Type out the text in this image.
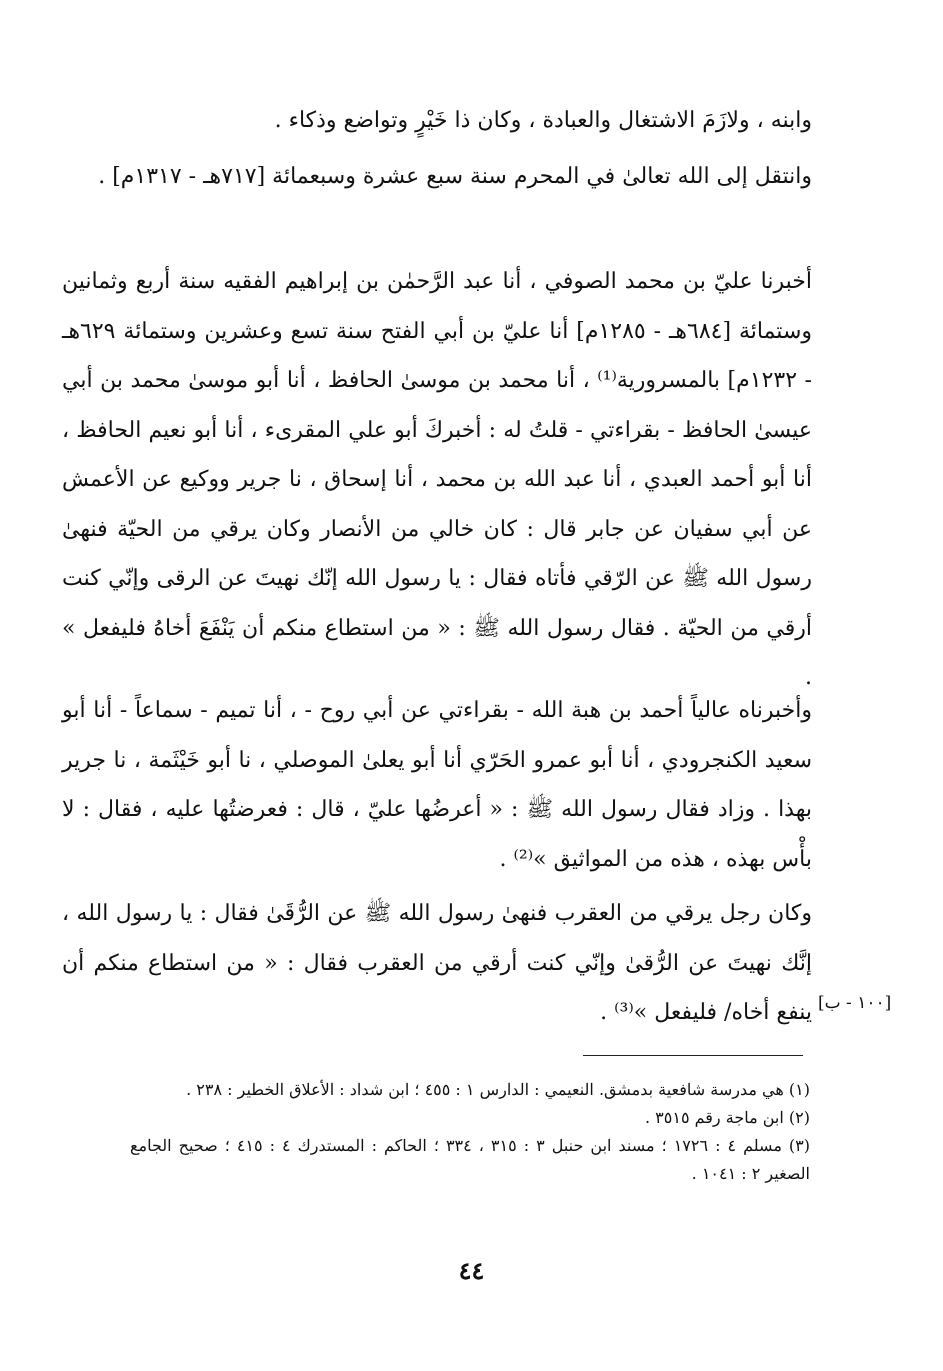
وابنه ، ولازَمَ الاشتغال والعبادة ، وكان ذا خَيْرٍ وتواضع وذكاء .

وانتقل إلى الله تعالىٰ في المحرم سنة سبع عشرة وسبعمائة [٧١٧هـ - ١٣١٧م] .

أخبرنا عليّ بن محمد الصوفي ، أنا عبد الرَّحمٰن بن إبراهيم الفقيه سنة أربع وثمانين وستمائة [٦٨٤هـ - ١٢٨٥م] أنا عليّ بن أبي الفتح سنة تسع وعشرين وستمائة ٦٢٩هـ - ١٢٣٢م] بالمسرورية⁽¹⁾ ، أنا محمد بن موسىٰ الحافظ ، أنا أبو موسىٰ محمد بن أبي عيسىٰ الحافظ - بقراءتي - قلتُ له : أخبركَ أبو علي المقرىء ، أنا أبو نعيم الحافظ ، أنا أبو أحمد العبدي ، أنا عبد الله بن محمد ، أنا إسحاق ، نا جرير ووكيع عن الأعمش عن أبي سفيان عن جابر قال : كان خالي من الأنصار وكان يرقي من الحيّة فنهىٰ رسول الله ﷺ عن الرّقي فأتاه فقال : يا رسول الله إنّك نهيتَ عن الرقى وإنّي كنت أرقي من الحيّة . فقال رسول الله ﷺ : « من استطاع منكم أن يَنْفَعَ أخاهُ فليفعل » .

وأخبرناه عالياً أحمد بن هبة الله - بقراءتي عن أبي روح - ، أنا تميم - سماعاً - أنا أبو سعيد الكنجرودي ، أنا أبو عمرو الحَرّي أنا أبو يعلىٰ الموصلي ، نا أبو خَيْثَمة ، نا جرير بهذا . وزاد فقال رسول الله ﷺ : « أعرضُها عليّ ، قال : فعرضتُها عليه ، فقال : لا بأْس بهذه ، هذه من المواثيق »⁽²⁾ .

وكان رجل يرقي من العقرب فنهىٰ رسول الله ﷺ عن الرُّقَىٰ فقال : يا رسول الله ، إنَّك نهيتَ عن الرُّقىٰ وإنّي كنت أرقي من العقرب فقال : « من استطاع منكم أن ينفع أخاه/ فليفعل »⁽³⁾ . [١٠٠ - ب]

(١) هي مدرسة شافعية بدمشق. النعيمي : الدارس ١ : ٤٥٥ ؛ ابن شداد : الأعلاق الخطير : ٢٣٨ .

(٢) ابن ماجة رقم ٣٥١٥ .

(٣) مسلم ٤ : ١٧٢٦ ؛ مسند ابن حنبل ٣ : ٣١٥ ، ٣٣٤ ؛ الحاكم : المستدرك ٤ : ٤١٥ ؛ صحيح الجامع الصغير ٢ : ١٠٤١ .

٤٤
